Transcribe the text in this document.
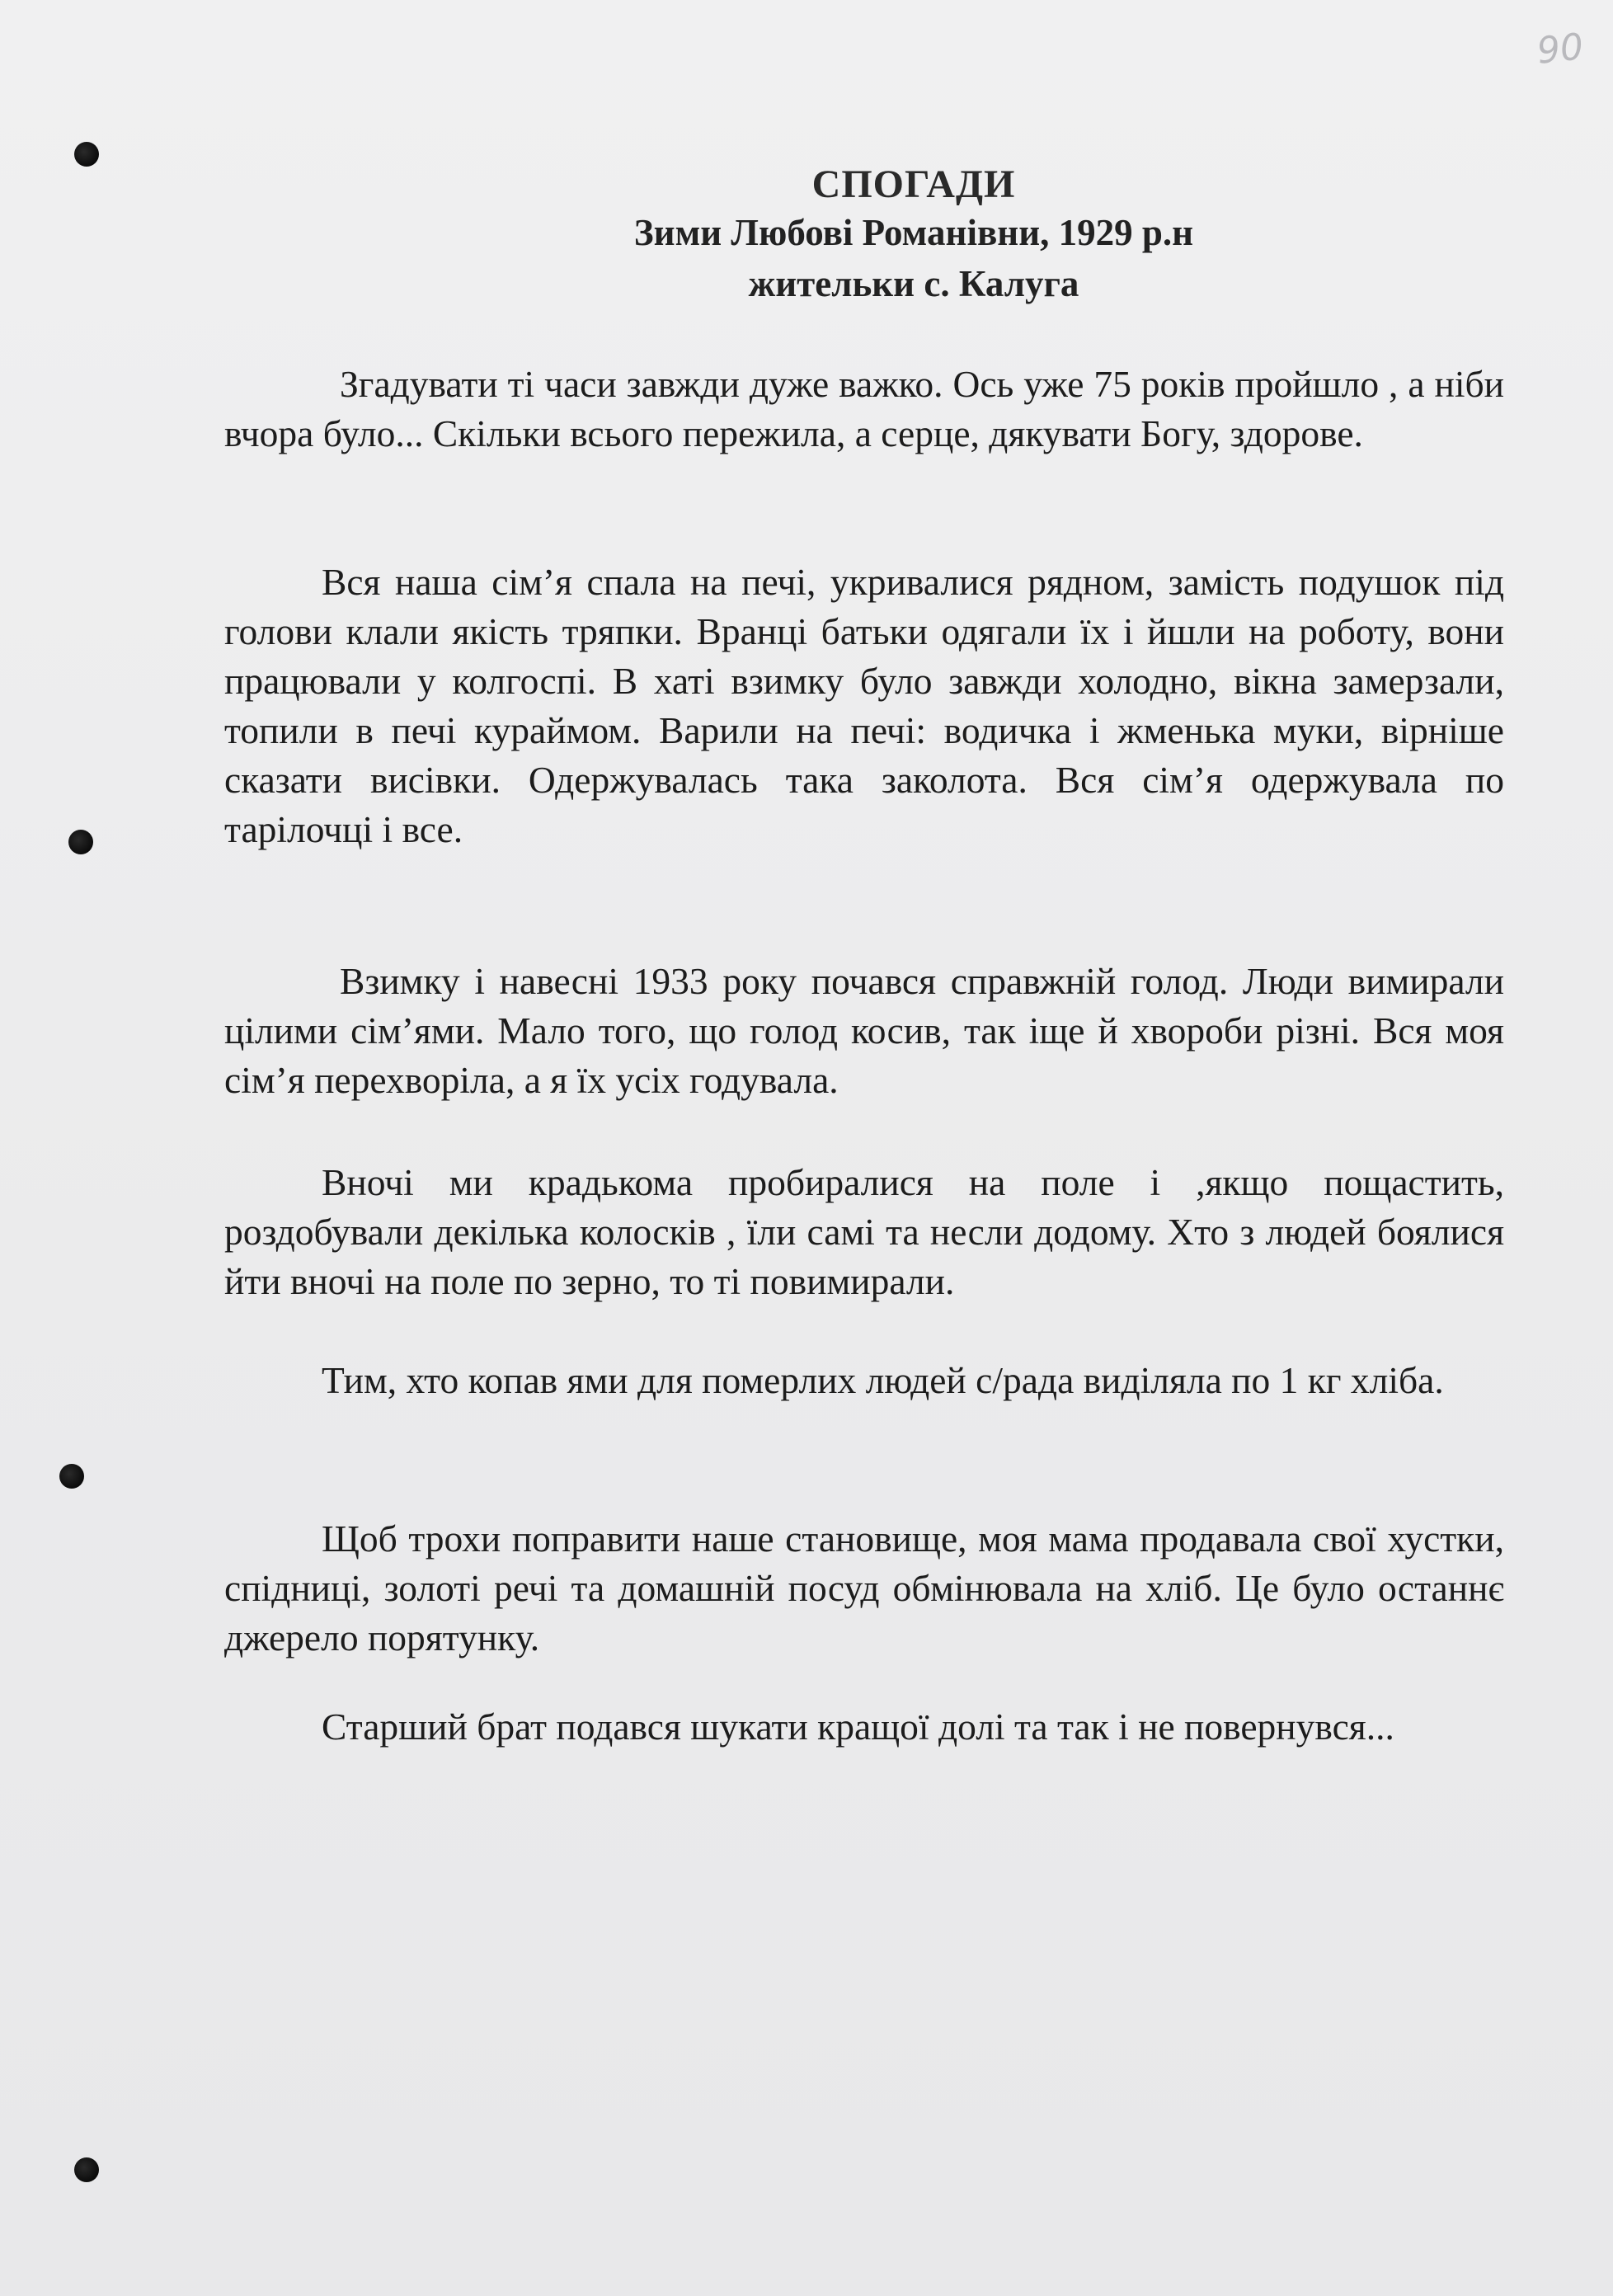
90
СПОГАДИ
Зими Любові Романівни, 1929 р.н
жительки с. Калуга

Згадувати ті часи завжди дуже важко. Ось уже 75 років пройшло , а ніби вчора було... Скільки всього пережила, а серце, дякувати Богу, здорове.

Вся наша сім’я спала на печі, укривалися рядном, замість подушок під голови клали якість тряпки. Вранці батьки одягали їх і йшли на роботу, вони працювали у колгоспі. В хаті взимку було завжди холодно, вікна замерзали, топили в печі кураймом. Варили на печі: водичка і жменька муки, вірніше сказати висівки. Одержувалась така заколота. Вся сім’я одержувала по тарілочці і все.

Взимку і навесні 1933 року почався справжній голод. Люди вимирали цілими сім’ями. Мало того, що голод косив, так іще й хвороби різні. Вся моя сім’я перехворіла, а я їх усіх годувала.

Вночі ми крадькома пробиралися на поле і ,якщо пощастить, роздобували декілька колосків , їли самі та несли додому. Хто з людей боялися йти вночі на поле по зерно, то ті повимирали.

Тим, хто копав ями для померлих людей с/рада виділяла по 1 кг хліба.

Щоб трохи поправити наше становище, моя мама продавала свої хустки, спідниці, золоті речі та домашній посуд обмінювала на хліб. Це було останнє джерело порятунку.

Старший брат подався шукати кращої долі та так і не повернувся...
